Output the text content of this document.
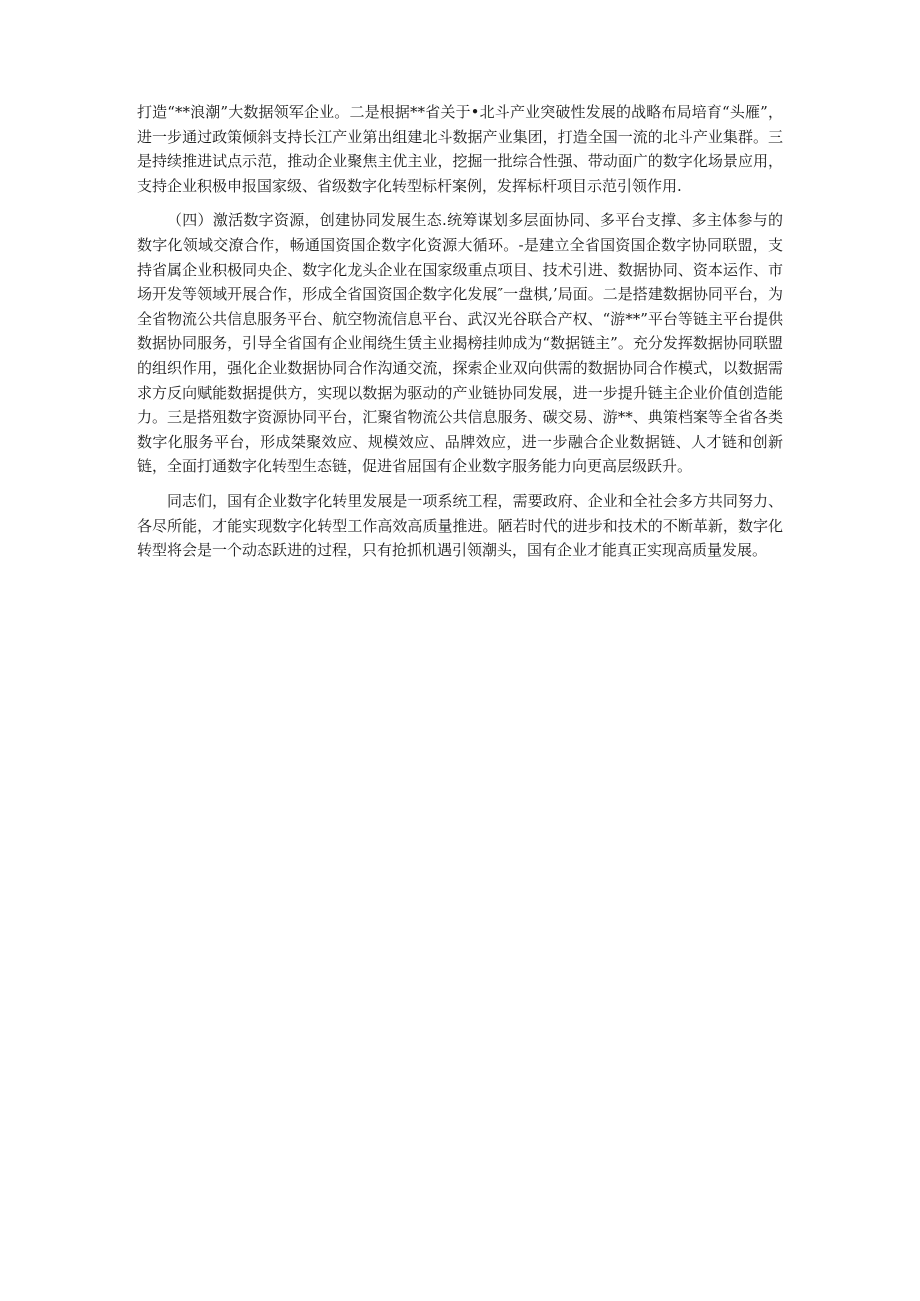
打造“**浪潮”大数据领军企业。二是根据**省关于•北斗产业突破性发展的战略布局培育“头雁”，进一步通过政策倾斜支持长江产业第出组建北斗数据产业集团，打造全国一流的北斗产业集群。三是持续推进试点示范，推动企业聚焦主优主业，挖掘一批综合性强、带动面广的数字化场景应用，支持企业积极申报国家级、省级数字化转型标杆案例，发挥标杆项目示范引领作用.

（四）激活数字资源，创建协同发展生态.统筹谋划多层面协同、多平台支撑、多主体参与的数字化领域交潦合作，畅通国资国企数字化资源大循环。-是建立全省国资国企数字协同联盟，支持省属企业积极同央企、数字化龙头企业在国家级重点项目、技术引进、数据协同、资本运作、市场开发等领域开展合作，形成全省国资国企数字化发展″一盘棋,’局面。二是搭建数据协同平台，为全省物流公共信息服务平台、航空物流信息平台、武汉光谷联合产权、“游**”平台等链主平台提供数据协同服务，引导全省国有企业闱绕生赁主业揭榜挂帅成为“数据链主”。充分发挥数据协同联盟的组织作用，强化企业数据协同合作沟通交流，探索企业双向供需的数据协同合作模式，以数据需求方反向赋能数据提供方，实现以数据为驱动的产业链协同发展，进一步提升链主企业价值创造能力。三是搭殂数字资源协同平台，汇聚省物流公共信息服务、碳交易、游**、典策档案等全省各类数字化服务平台，形成桀聚效应、规模效应、品牌效应，进一步融合企业数据链、人才链和创新链，全面打通数字化转型生态链，促进省屈国有企业数字服务能力向更高层级跃升。

同志们，国有企业数字化转里发展是一项系统工程，需要政府、企业和全社会多方共同努力、各尽所能，才能实现数字化转型工作高效高质量推进。陋若时代的进步和技术的不断革新，数字化转型将会是一个动态跃进的过程，只有抢抓机遇引领潮头，国有企业才能真正实现高质量发展。
